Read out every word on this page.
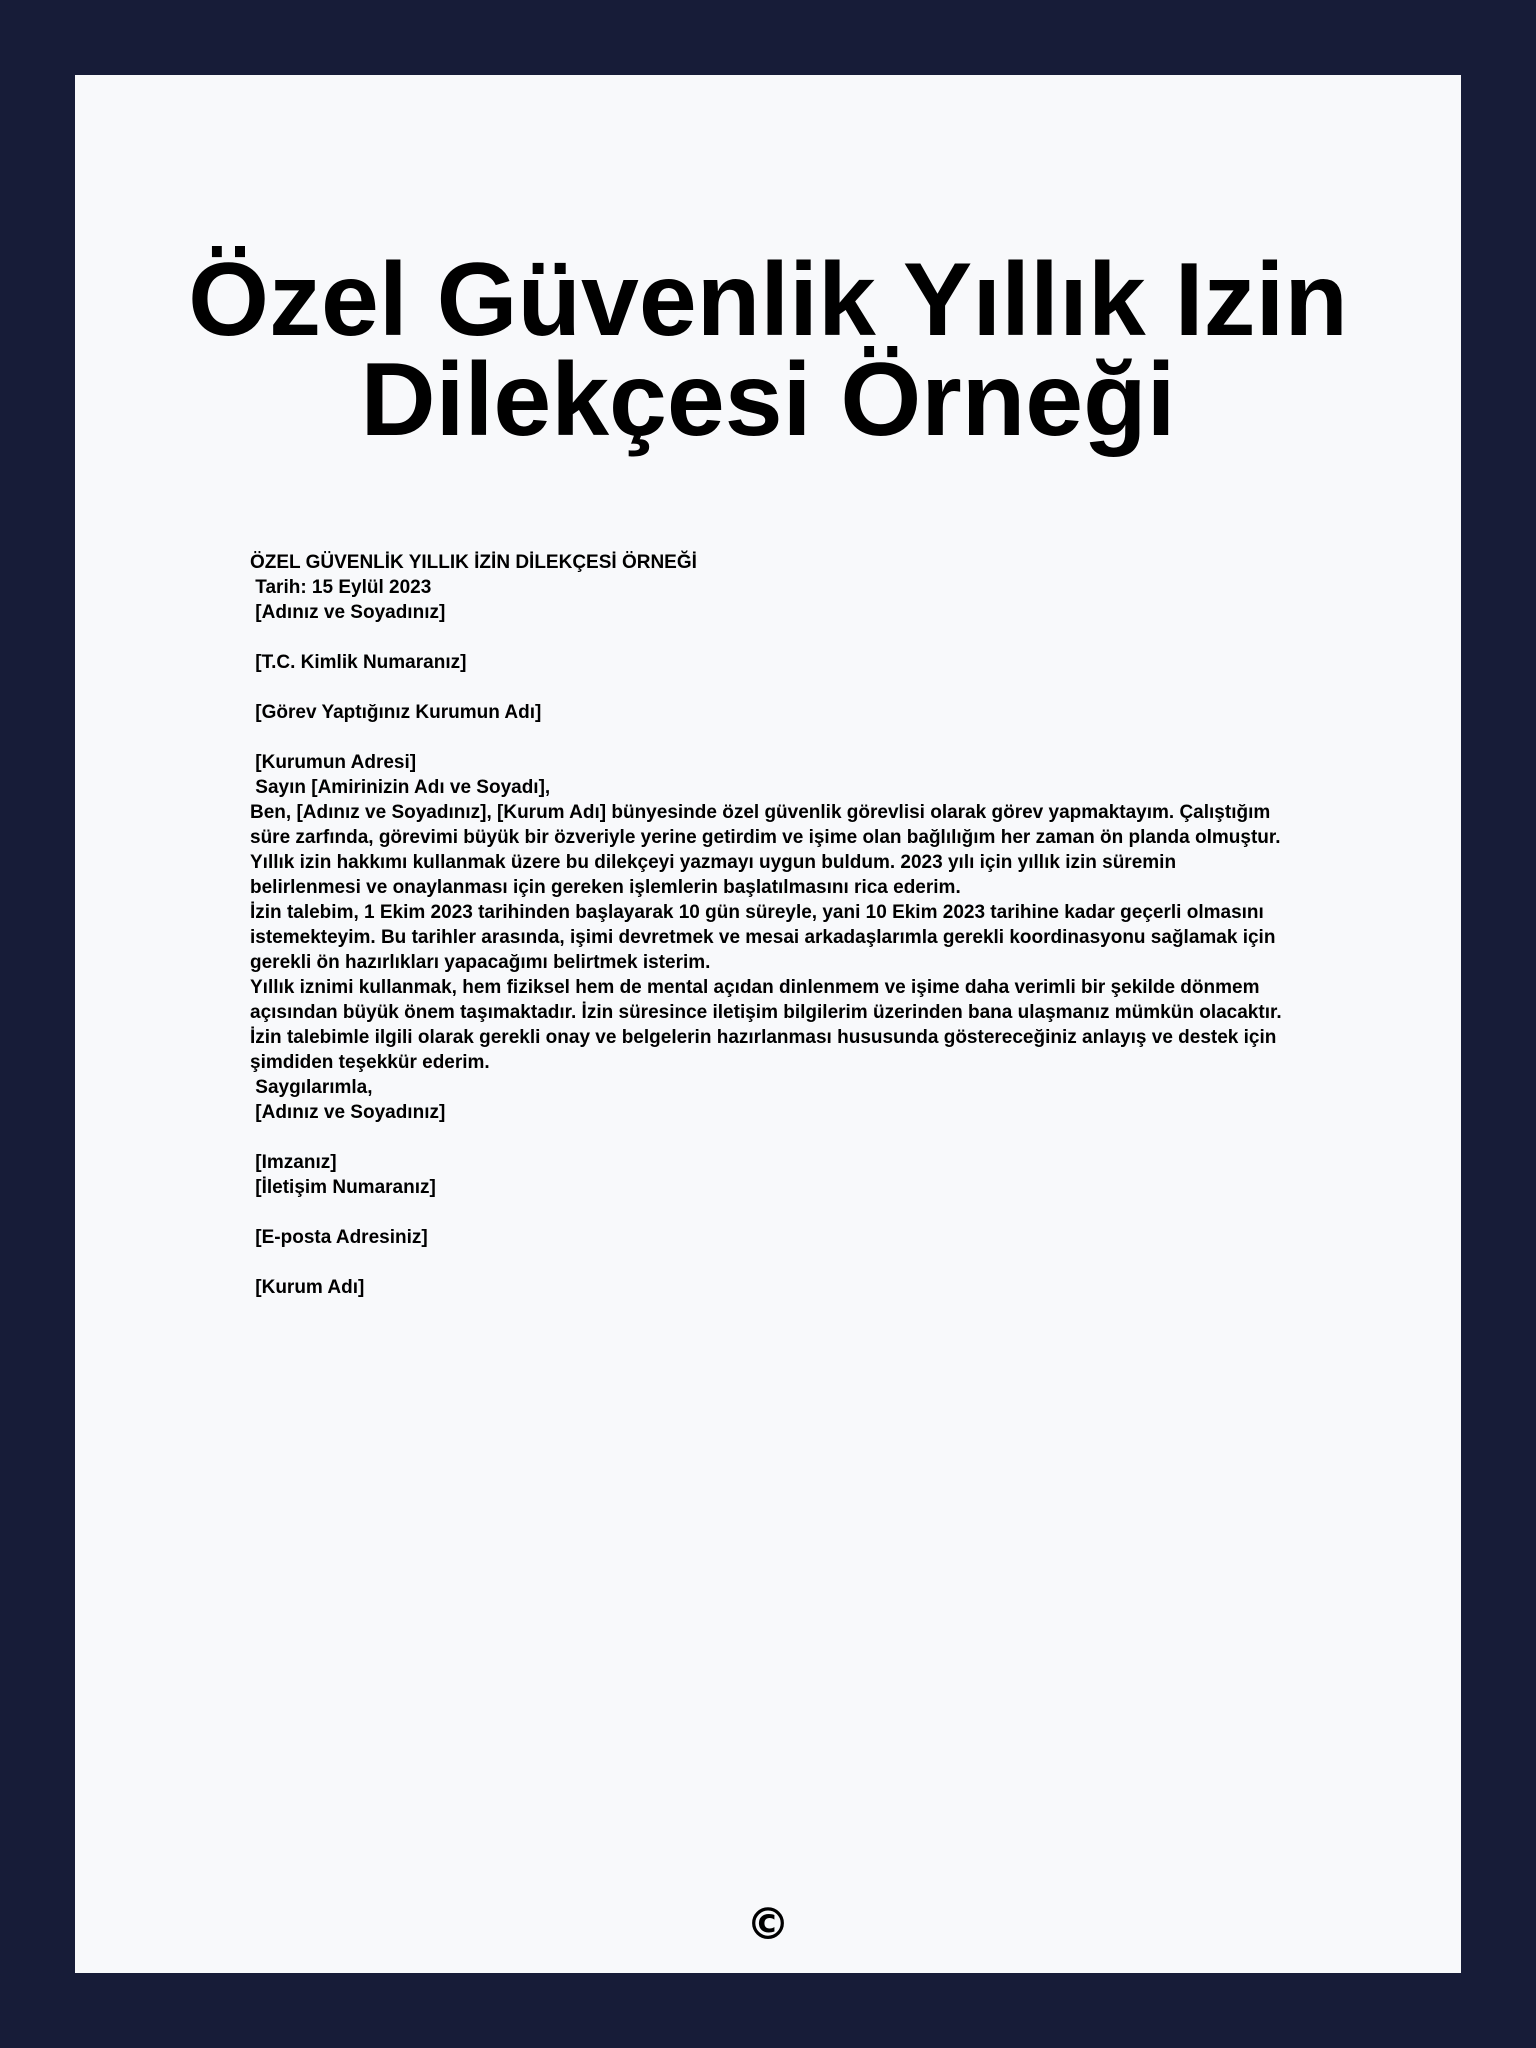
Özel Güvenlik Yıllık Izin Dilekçesi Örneği
ÖZEL GÜVENLİK YILLIK İZİN DİLEKÇESİ ÖRNEĞİ
Tarih: 15 Eylül 2023
[Adınız ve Soyadınız]
[T.C. Kimlik Numaranız]
[Görev Yaptığınız Kurumun Adı]
[Kurumun Adresi]
Sayın [Amirinizin Adı ve Soyadı],
Ben, [Adınız ve Soyadınız], [Kurum Adı] bünyesinde özel güvenlik görevlisi olarak görev yapmaktayım. Çalıştığım süre zarfında, görevimi büyük bir özveriyle yerine getirdim ve işime olan bağlılığım her zaman ön planda olmuştur.
Yıllık izin hakkımı kullanmak üzere bu dilekçeyi yazmayı uygun buldum. 2023 yılı için yıllık izin süremin belirlenmesi ve onaylanması için gereken işlemlerin başlatılmasını rica ederim.
İzin talebim, 1 Ekim 2023 tarihinden başlayarak 10 gün süreyle, yani 10 Ekim 2023 tarihine kadar geçerli olmasını istemekteyim. Bu tarihler arasında, işimi devretmek ve mesai arkadaşlarımla gerekli koordinasyonu sağlamak için gerekli ön hazırlıkları yapacağımı belirtmek isterim.
Yıllık iznimi kullanmak, hem fiziksel hem de mental açıdan dinlenmem ve işime daha verimli bir şekilde dönmem açısından büyük önem taşımaktadır. İzin süresince iletişim bilgilerim üzerinden bana ulaşmanız mümkün olacaktır.
İzin talebimle ilgili olarak gerekli onay ve belgelerin hazırlanması hususunda göstereceğiniz anlayış ve destek için şimdiden teşekkür ederim.
Saygılarımla,
[Adınız ve Soyadınız]
[Imzanız]
[İletişim Numaranız]
[E-posta Adresiniz]
[Kurum Adı]
©
